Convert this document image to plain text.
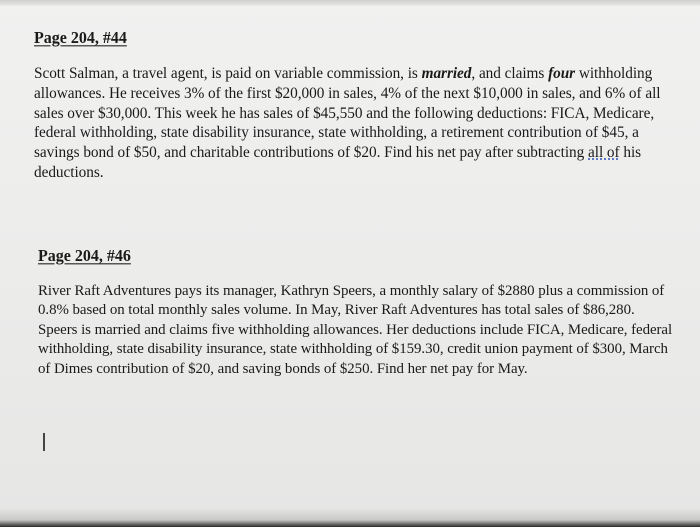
Page 204, #44

Scott Salman, a travel agent, is paid on variable commission, is married, and claims four withholding allowances. He receives 3% of the first $20,000 in sales, 4% of the next $10,000 in sales, and 6% of all sales over $30,000. This week he has sales of $45,550 and the following deductions: FICA, Medicare, federal withholding, state disability insurance, state withholding, a retirement contribution of $45, a savings bond of $50, and charitable contributions of $20. Find his net pay after subtracting all of his deductions.

Page 204, #46

River Raft Adventures pays its manager, Kathryn Speers, a monthly salary of $2880 plus a commission of 0.8% based on total monthly sales volume. In May, River Raft Adventures has total sales of $86,280. Speers is married and claims five withholding allowances. Her deductions include FICA, Medicare, federal withholding, state disability insurance, state withholding of $159.30, credit union payment of $300, March of Dimes contribution of $20, and saving bonds of $250. Find her net pay for May.
